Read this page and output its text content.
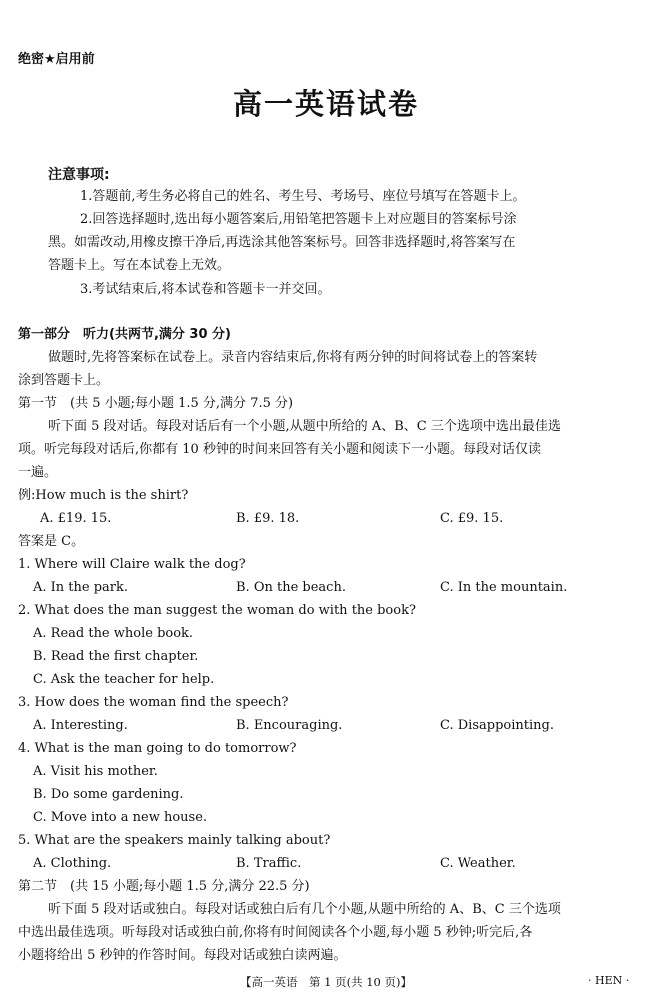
绝密★启用前
高一英语试卷
注意事项:
1.答题前,考生务必将自己的姓名、考生号、考场号、座位号填写在答题卡上。
2.回答选择题时,选出每小题答案后,用铅笔把答题卡上对应题目的答案标号涂
黑。如需改动,用橡皮擦干净后,再选涂其他答案标号。回答非选择题时,将答案写在
答题卡上。写在本试卷上无效。
3.考试结束后,将本试卷和答题卡一并交回。
第一部分　听力(共两节,满分 30 分)
做题时,先将答案标在试卷上。录音内容结束后,你将有两分钟的时间将试卷上的答案转
涂到答题卡上。
第一节　(共 5 小题;每小题 1.5 分,满分 7.5 分)
听下面 5 段对话。每段对话后有一个小题,从题中所给的 A、B、C 三个选项中选出最佳选
项。听完每段对话后,你都有 10 秒钟的时间来回答有关小题和阅读下一小题。每段对话仅读
一遍。
例:How much is the shirt?
A. £19. 15.	B. £9. 18.	C. £9. 15.
答案是 C。
1. Where will Claire walk the dog?
A. In the park.	B. On the beach.	C. In the mountain.
2. What does the man suggest the woman do with the book?
A. Read the whole book.
B. Read the first chapter.
C. Ask the teacher for help.
3. How does the woman find the speech?
A. Interesting.	B. Encouraging.	C. Disappointing.
4. What is the man going to do tomorrow?
A. Visit his mother.
B. Do some gardening.
C. Move into a new house.
5. What are the speakers mainly talking about?
A. Clothing.	B. Traffic.	C. Weather.
第二节　(共 15 小题;每小题 1.5 分,满分 22.5 分)
听下面 5 段对话或独白。每段对话或独白后有几个小题,从题中所给的 A、B、C 三个选项
中选出最佳选项。听每段对话或独白前,你将有时间阅读各个小题,每小题 5 秒钟;听完后,各
小题将给出 5 秒钟的作答时间。每段对话或独白读两遍。
【高一英语　第 1 页(共 10 页)】	· HEN ·
